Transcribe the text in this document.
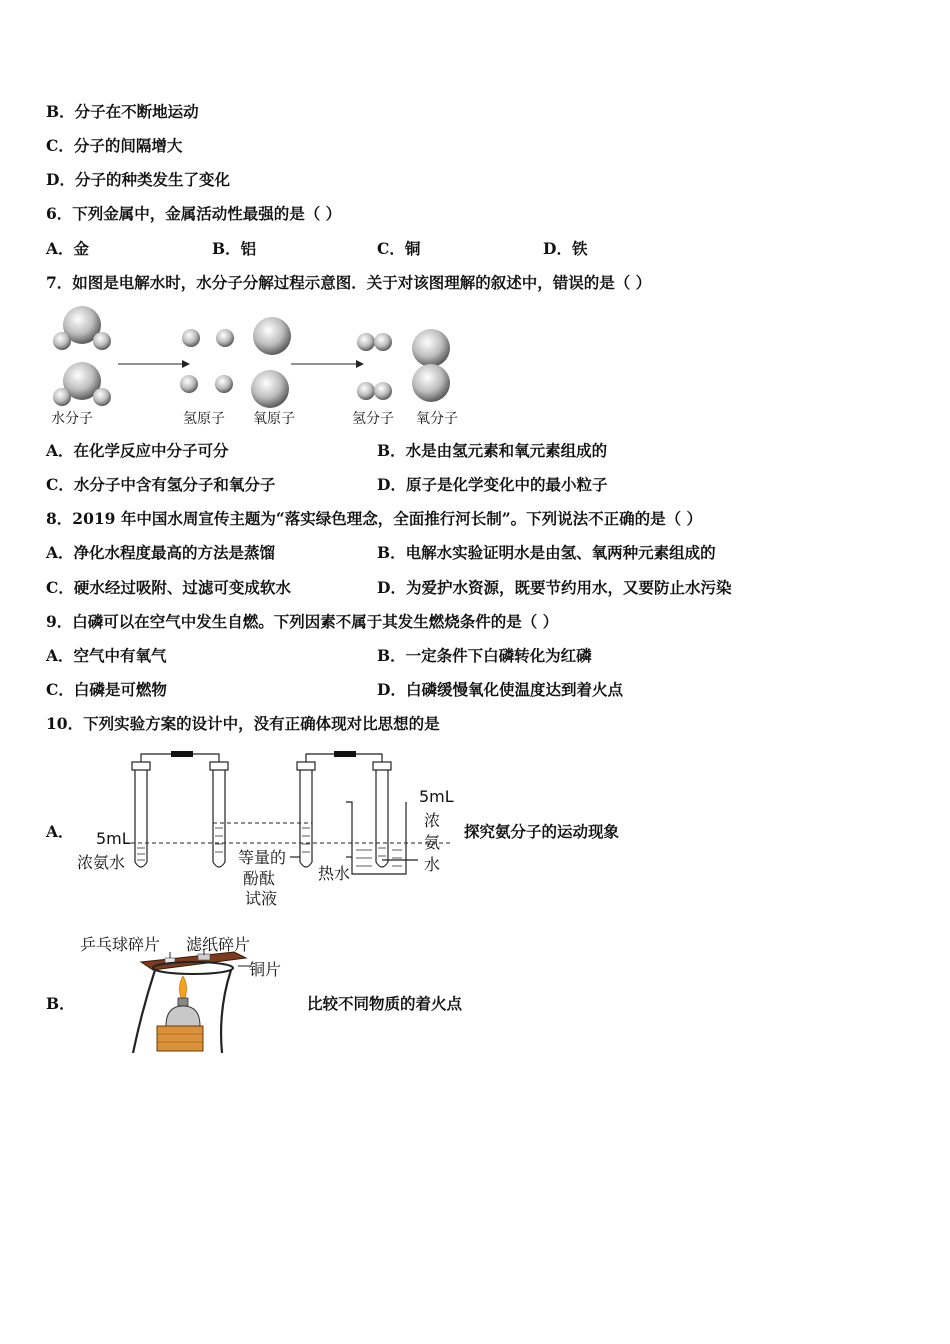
B．分子在不断地运动
C．分子的间隔增大
D．分子的种类发生了变化
6．下列金属中，金属活动性最强的是（ ）
A．金	B．铝	C．铜	D．铁
7．如图是电解水时，水分子分解过程示意图．关于对该图理解的叙述中，错误的是（ ）
水分子	氢原子 氧原子	氢分子 氧分子
A．在化学反应中分子可分	B．水是由氢元素和氧元素组成的
C．水分子中含有氢分子和氧分子	D．原子是化学变化中的最小粒子
8．2019 年中国水周宣传主题为“落实绿色理念，全面推行河长制”。下列说法不正确的是（ ）
A．净化水程度最高的方法是蒸馏	B．电解水实验证明水是由氢、氧两种元素组成的
C．硬水经过吸附、过滤可变成软水	D．为爱护水资源，既要节约用水，又要防止水污染
9．白磷可以在空气中发生自燃。下列因素不属于其发生燃烧条件的是（ ）
A．空气中有氧气	B．一定条件下白磷转化为红磷
C．白磷是可燃物	D．白磷缓慢氧化使温度达到着火点
10．下列实验方案的设计中，没有正确体现对比思想的是
A． 5mL
浓氨水	等量的
酚酞
试液
热水
5mL
浓
氨
水
探究氨分子的运动现象
B．
乒乓球碎片 滤纸碎片
铜片
比较不同物质的着火点
